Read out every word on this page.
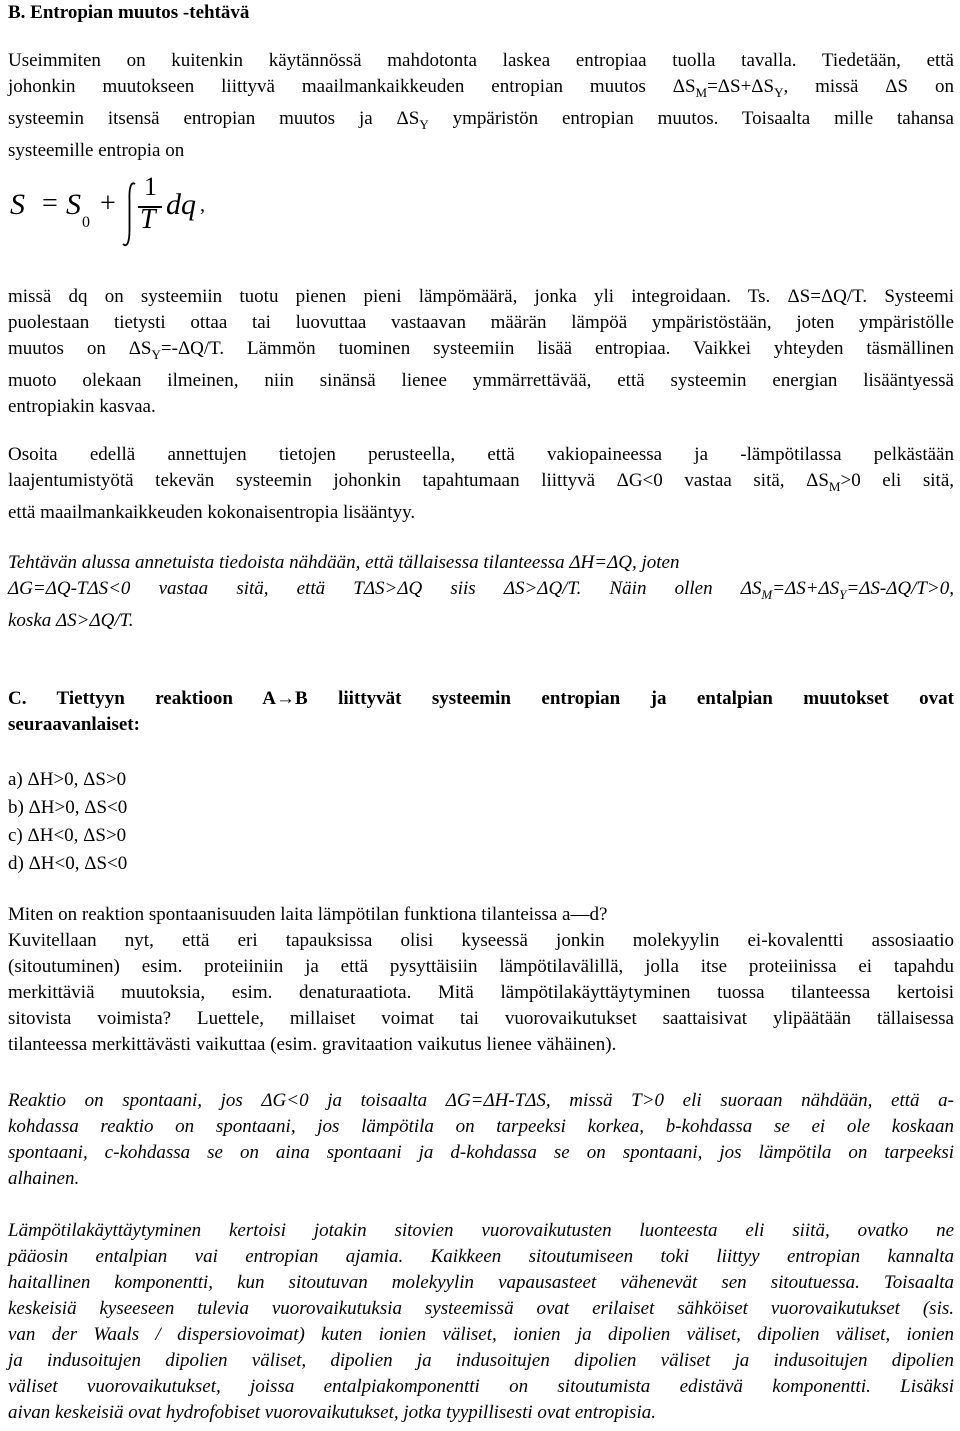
B. Entropian muutos -tehtävä
Useimmiten on kuitenkin käytännössä mahdotonta laskea entropiaa tuolla tavalla. Tiedetään, että
johonkin muutokseen liittyvä maailmankaikkeuden entropian muutos $\Delta S_M=\Delta S+\Delta S_Y$, missä ΔS on
systeemin itsensä entropian muutos ja $\Delta S_Y$ ympäristön entropian muutos. Toisaalta mille tahansa
systeemille entropia on
S = S
0
+
1
T dq ,
missä dq on systeemiin tuotu pienen pieni lämpömäärä, jonka yli integroidaan. Ts. ΔS=ΔQ/T. Systeemi
puolestaan tietysti ottaa tai luovuttaa vastaavan määrän lämpöä ympäristöstään, joten ympäristölle
muutos on $\Delta S_Y=-\Delta Q/T$. Lämmön tuominen systeemiin lisää entropiaa. Vaikkei yhteyden täsmällinen
muoto olekaan ilmeinen, niin sinänsä lienee ymmärrettävää, että systeemin energian lisääntyessä
entropiakin kasvaa.
Osoita edellä annettujen tietojen perusteella, että vakiopaineessa ja -lämpötilassa pelkästään
laajentumistyötä tekevän systeemin johonkin tapahtumaan liittyvä ΔG<0 vastaa sitä, $\Delta S_M>0$ eli sitä,
että maailmankaikkeuden kokonaisentropia lisääntyy.
Tehtävän alussa annetuista tiedoista nähdään, että tällaisessa tilanteessa ΔH=ΔQ, joten
ΔG=ΔQ-TΔS<0 vastaa sitä, että TΔS>ΔQ siis ΔS>ΔQ/T. Näin ollen $\Delta S_M=\Delta S+\Delta S_Y=\Delta S-\Delta Q/T>0$,
koska ΔS>ΔQ/T.
C. Tiettyyn reaktioon A→B liittyvät systeemin entropian ja entalpian muutokset ovat
seuraavanlaiset:
a) ΔH>0, ΔS>0
b) ΔH>0, ΔS<0
c) ΔH<0, ΔS>0
d) ΔH<0, ΔS<0
Miten on reaktion spontaanisuuden laita lämpötilan funktiona tilanteissa a—d?
Kuvitellaan nyt, että eri tapauksissa olisi kyseessä jonkin molekyylin ei-kovalentti assosiaatio
(sitoutuminen) esim. proteiiniin ja että pysyttäisiin lämpötilavälillä, jolla itse proteiinissa ei tapahdu
merkittäviä muutoksia, esim. denaturaatiota. Mitä lämpötilakäyttäytyminen tuossa tilanteessa kertoisi
sitovista voimista? Luettele, millaiset voimat tai vuorovaikutukset saattaisivat ylipäätään tällaisessa
tilanteessa merkittävästi vaikuttaa (esim. gravitaation vaikutus lienee vähäinen).
Reaktio on spontaani, jos ΔG<0 ja toisaalta ΔG=ΔH-TΔS, missä T>0 eli suoraan nähdään, että a-
kohdassa reaktio on spontaani, jos lämpötila on tarpeeksi korkea, b-kohdassa se ei ole koskaan
spontaani, c-kohdassa se on aina spontaani ja d-kohdassa se on spontaani, jos lämpötila on tarpeeksi
alhainen.
Lämpötilakäyttäytyminen kertoisi jotakin sitovien vuorovaikutusten luonteesta eli siitä, ovatko ne
pääosin entalpian vai entropian ajamia. Kaikkeen sitoutumiseen toki liittyy entropian kannalta
haitallinen komponentti, kun sitoutuvan molekyylin vapausasteet vähenevät sen sitoutuessa. Toisaalta
keskeisiä kyseeseen tulevia vuorovaikutuksia systeemissä ovat erilaiset sähköiset vuorovaikutukset (sis.
van der Waals / dispersiovoimat) kuten ionien väliset, ionien ja dipolien väliset, dipolien väliset, ionien
ja indusoitujen dipolien väliset, dipolien ja indusoitujen dipolien väliset ja indusoitujen dipolien
väliset vuorovaikutukset, joissa entalpiakomponentti on sitoutumista edistävä komponentti. Lisäksi
aivan keskeisiä ovat hydrofobiset vuorovaikutukset, jotka tyypillisesti ovat entropisia.
